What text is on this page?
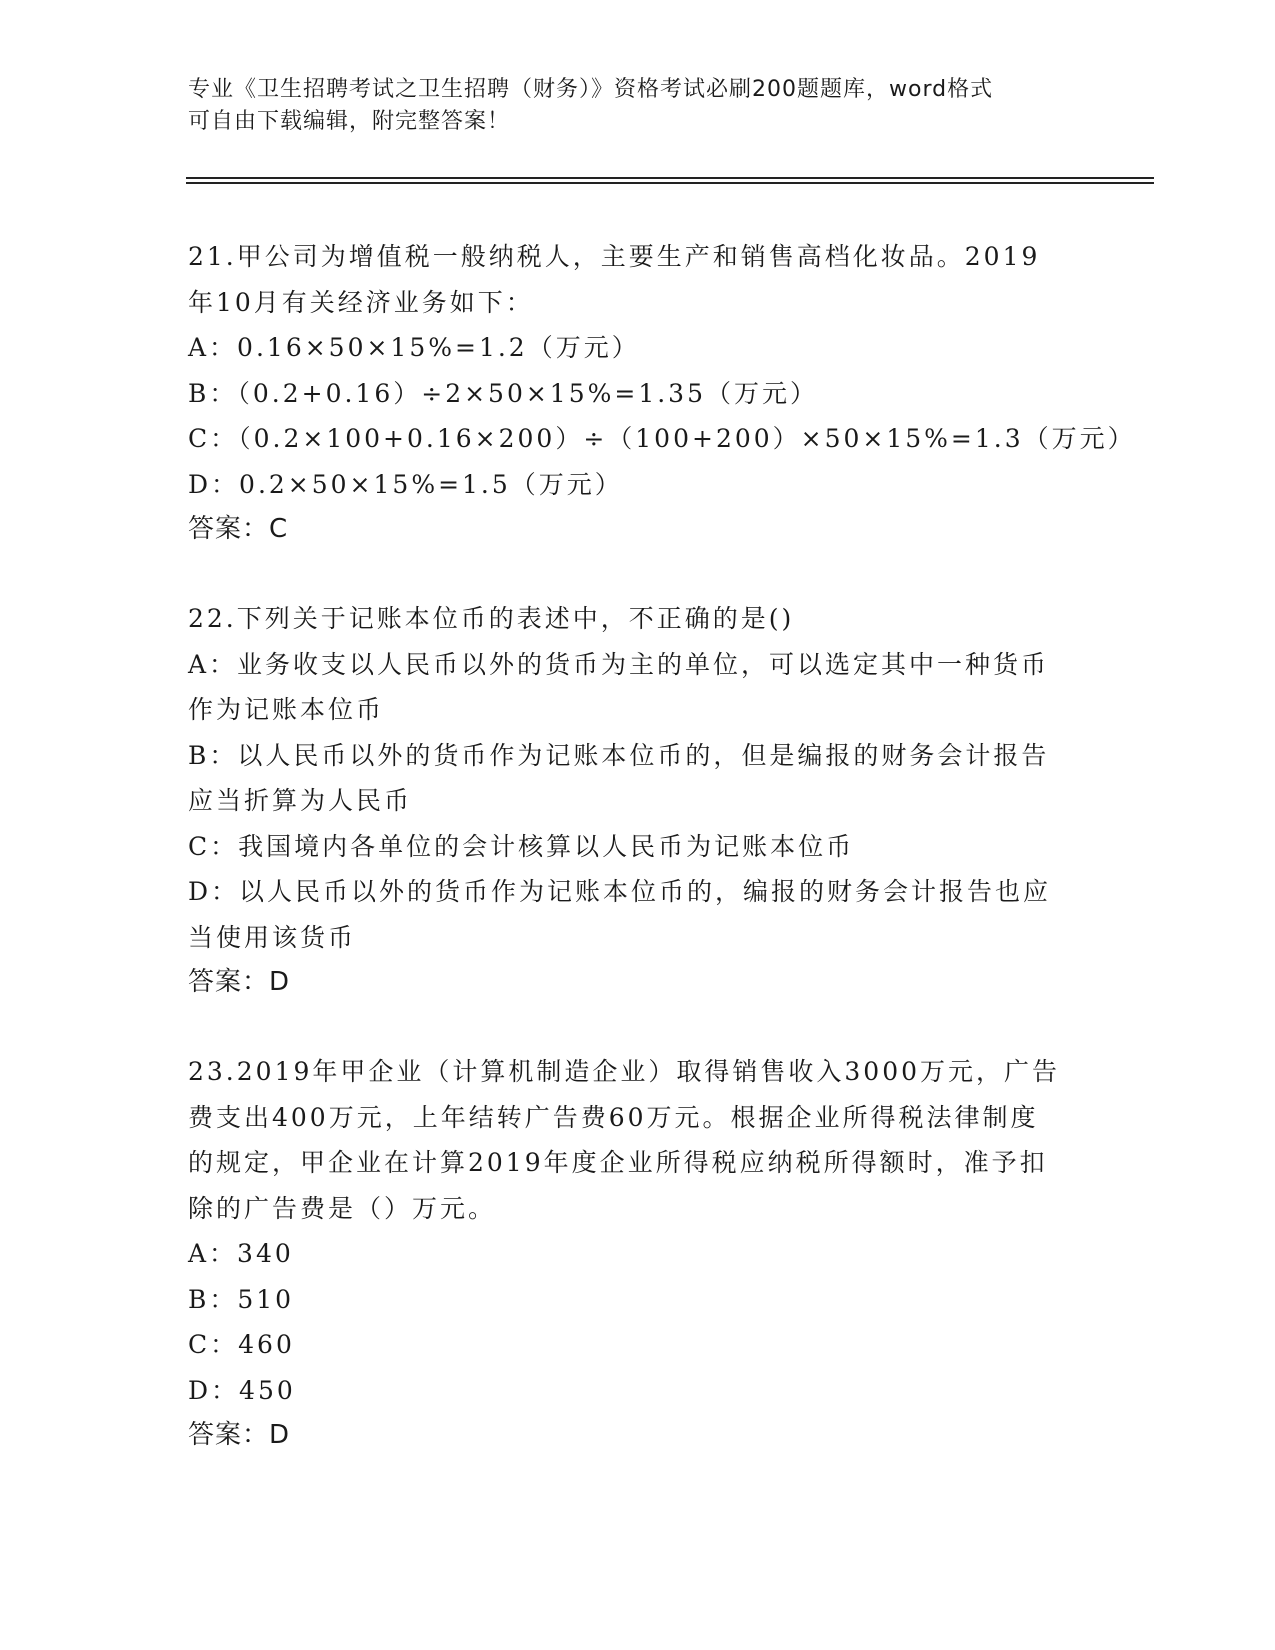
专业《卫生招聘考试之卫生招聘（财务）》资格考试必刷200题题库，word格式
可自由下载编辑，附完整答案！
21.甲公司为增值税一般纳税人，主要生产和销售高档化妆品。2019
年10月有关经济业务如下：
A：0.16×50×15%=1.2（万元）
B：（0.2+0.16）÷2×50×15%=1.35（万元）
C：（0.2×100+0.16×200）÷（100+200）×50×15%=1.3（万元）
D：0.2×50×15%=1.5（万元）
答案：C
22.下列关于记账本位币的表述中，不正确的是()
A：业务收支以人民币以外的货币为主的单位，可以选定其中一种货币
作为记账本位币
B：以人民币以外的货币作为记账本位币的，但是编报的财务会计报告
应当折算为人民币
C：我国境内各单位的会计核算以人民币为记账本位币
D：以人民币以外的货币作为记账本位币的，编报的财务会计报告也应
当使用该货币
答案：D
23.2019年甲企业（计算机制造企业）取得销售收入3000万元，广告
费支出400万元，上年结转广告费60万元。根据企业所得税法律制度
的规定，甲企业在计算2019年度企业所得税应纳税所得额时，准予扣
除的广告费是（）万元。
A：340
B：510
C：460
D：450
答案：D
